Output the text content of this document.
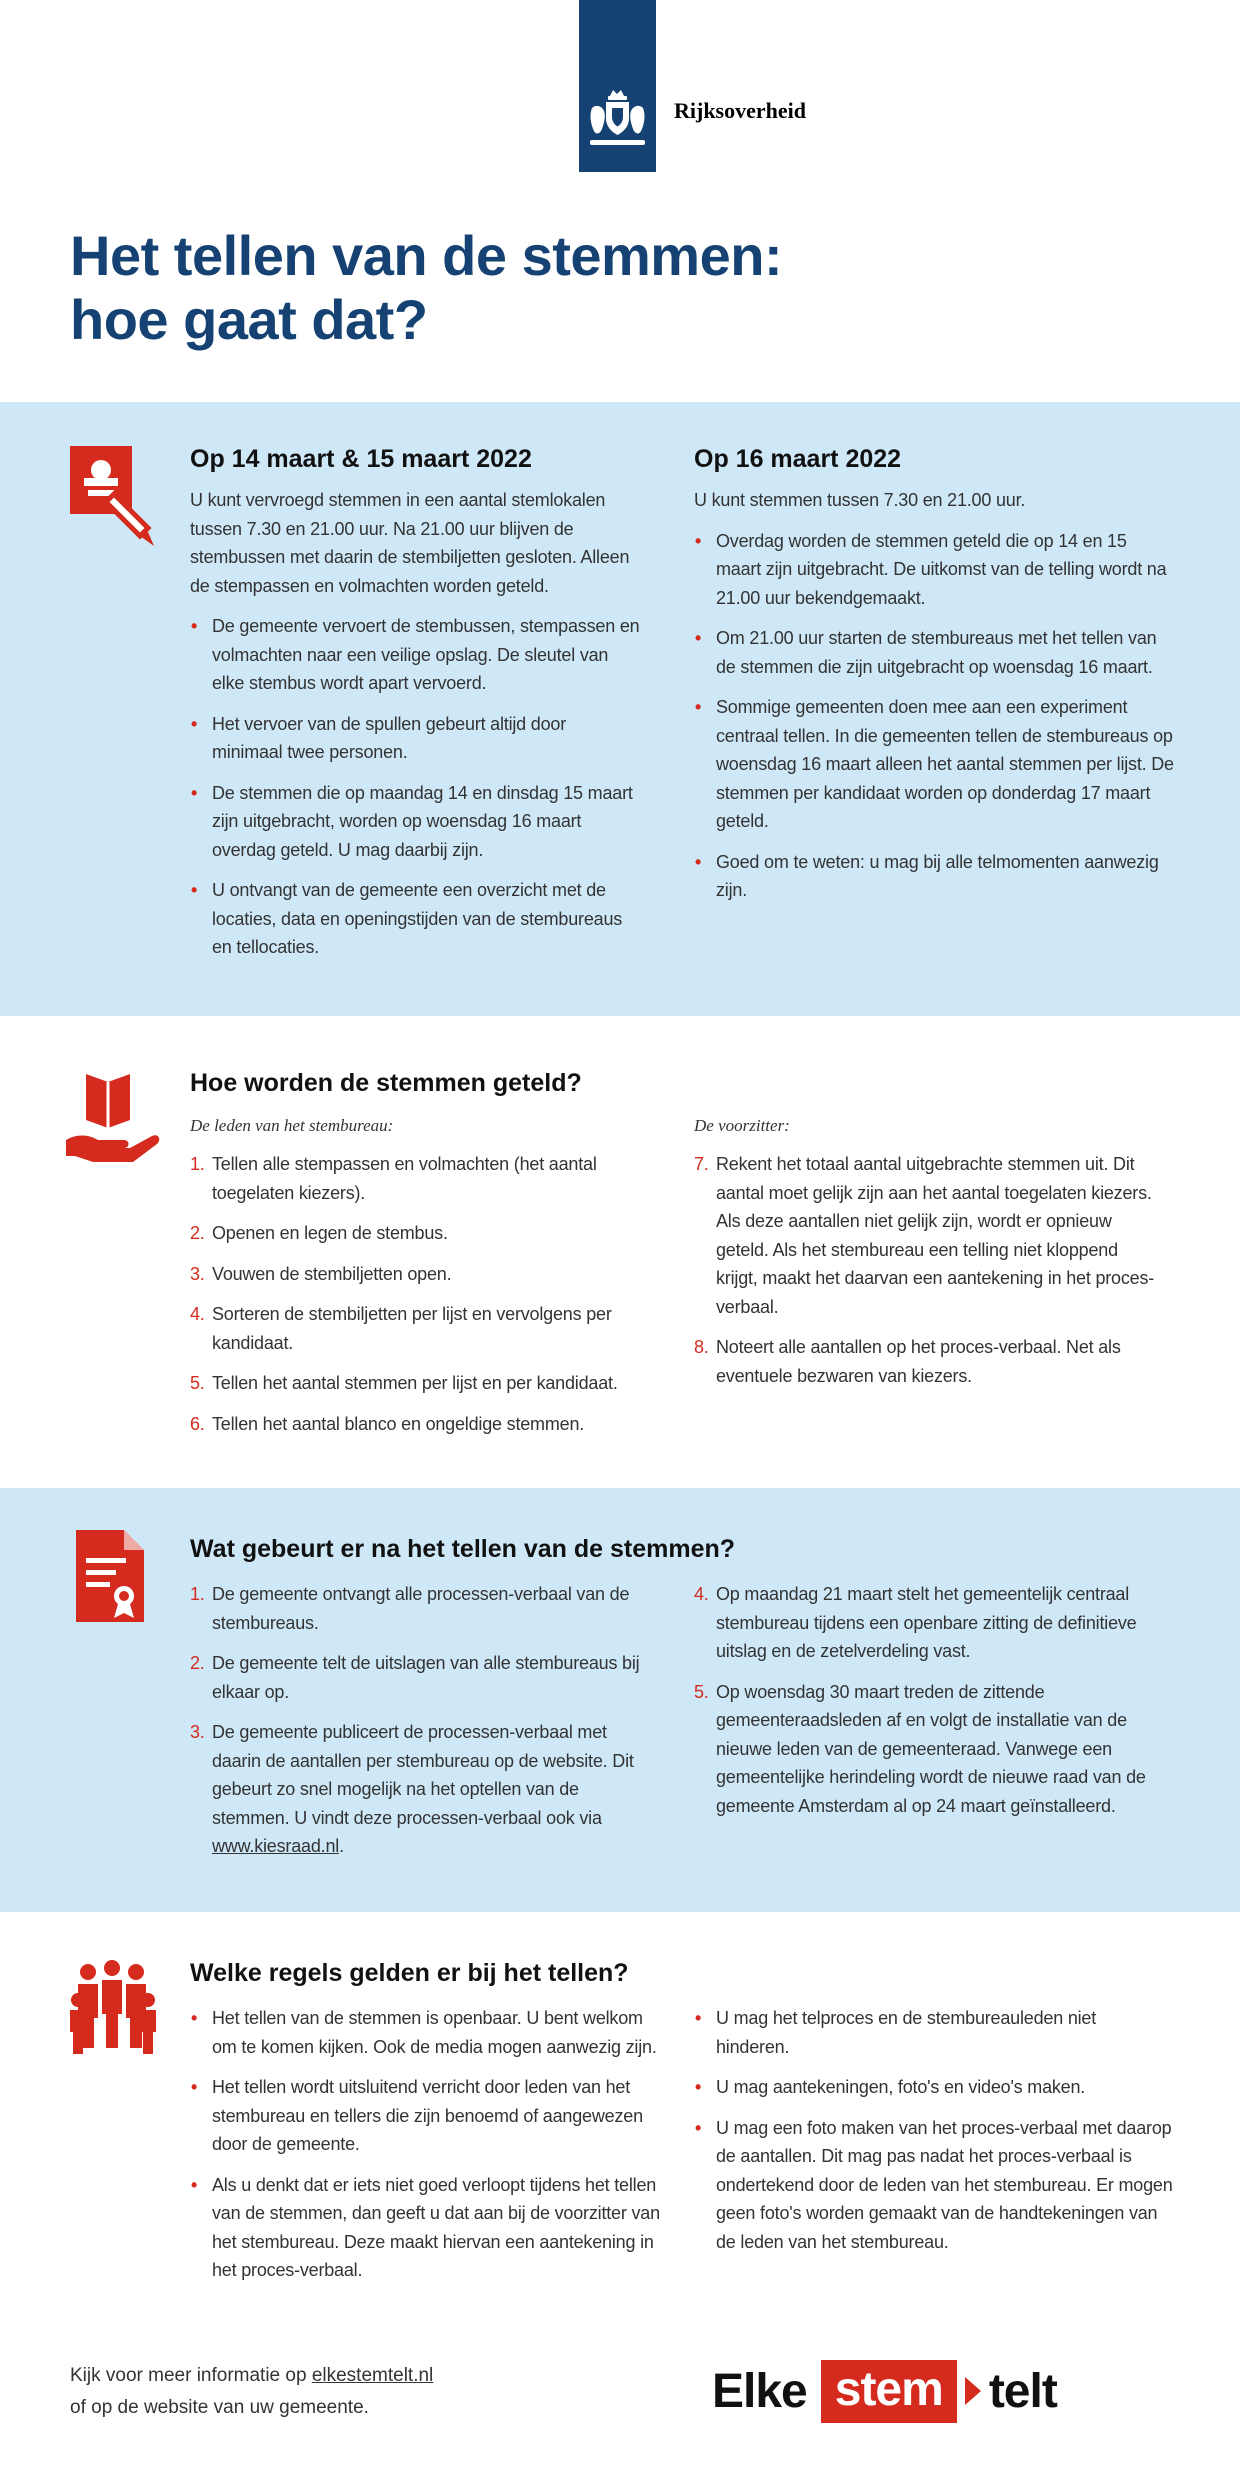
Rijksoverheid
Het tellen van de stemmen:
hoe gaat dat?
Op 14 maart & 15 maart 2022

U kunt vervroegd stemmen in een aantal stemlokalen tussen 7.30 en 21.00 uur. Na 21.00 uur blijven de stembussen met daarin de stembiljetten gesloten. Alleen de stempassen en volmachten worden geteld.

• De gemeente vervoert de stembussen, stempassen en volmachten naar een veilige opslag. De sleutel van elke stembus wordt apart vervoerd.
• Het vervoer van de spullen gebeurt altijd door minimaal twee personen.
• De stemmen die op maandag 14 en dinsdag 15 maart zijn uitgebracht, worden op woensdag 16 maart overdag geteld. U mag daarbij zijn.
• U ontvangt van de gemeente een overzicht met de locaties, data en openingstijden van de stembureaus en tellocaties.
Op 16 maart 2022

U kunt stemmen tussen 7.30 en 21.00 uur.

• Overdag worden de stemmen geteld die op 14 en 15 maart zijn uitgebracht. De uitkomst van de telling wordt na 21.00 uur bekendgemaakt.
• Om 21.00 uur starten de stembureaus met het tellen van de stemmen die zijn uitgebracht op woensdag 16 maart.
• Sommige gemeenten doen mee aan een experiment centraal tellen. In die gemeenten tellen de stembureaus op woensdag 16 maart alleen het aantal stemmen per lijst. De stemmen per kandidaat worden op donderdag 17 maart geteld.
• Goed om te weten: u mag bij alle telmomenten aanwezig zijn.
Hoe worden de stemmen geteld?
De leden van het stembureau:
1. Tellen alle stempassen en volmachten (het aantal toegelaten kiezers).
2. Openen en legen de stembus.
3. Vouwen de stembiljetten open.
4. Sorteren de stembiljetten per lijst en vervolgens per kandidaat.
5. Tellen het aantal stemmen per lijst en per kandidaat.
6. Tellen het aantal blanco en ongeldige stemmen.
De voorzitter:
7. Rekent het totaal aantal uitgebrachte stemmen uit. Dit aantal moet gelijk zijn aan het aantal toegelaten kiezers. Als deze aantallen niet gelijk zijn, wordt er opnieuw geteld. Als het stembureau een telling niet kloppend krijgt, maakt het daarvan een aantekening in het proces-verbaal.
8. Noteert alle aantallen op het proces-verbaal. Net als eventuele bezwaren van kiezers.
Wat gebeurt er na het tellen van de stemmen?
1. De gemeente ontvangt alle processen-verbaal van de stembureaus.
2. De gemeente telt de uitslagen van alle stembureaus bij elkaar op.
3. De gemeente publiceert de processen-verbaal met daarin de aantallen per stembureau op de website. Dit gebeurt zo snel mogelijk na het optellen van de stemmen. U vindt deze processen-verbaal ook via www.kiesraad.nl.
4. Op maandag 21 maart stelt het gemeentelijk centraal stembureau tijdens een openbare zitting de definitieve uitslag en de zetelverdeling vast.
5. Op woensdag 30 maart treden de zittende gemeenteraadsleden af en volgt de installatie van de nieuwe leden van de gemeenteraad. Vanwege een gemeentelijke herindeling wordt de nieuwe raad van de gemeente Amsterdam al op 24 maart geïnstalleerd.
Welke regels gelden er bij het tellen?
• Het tellen van de stemmen is openbaar. U bent welkom om te komen kijken. Ook de media mogen aanwezig zijn.
• Het tellen wordt uitsluitend verricht door leden van het stembureau en tellers die zijn benoemd of aangewezen door de gemeente.
• Als u denkt dat er iets niet goed verloopt tijdens het tellen van de stemmen, dan geeft u dat aan bij de voorzitter van het stembureau. Deze maakt hiervan een aantekening in het proces-verbaal.
• U mag het telproces en de stembureauleden niet hinderen.
• U mag aantekeningen, foto's en video's maken.
• U mag een foto maken van het proces-verbaal met daarop de aantallen. Dit mag pas nadat het proces-verbaal is ondertekend door de leden van het stembureau. Er mogen geen foto's worden gemaakt van de handtekeningen van de leden van het stembureau.
Kijk voor meer informatie op elkestemtelt.nl
of op de website van uw gemeente.	Elke stem telt
